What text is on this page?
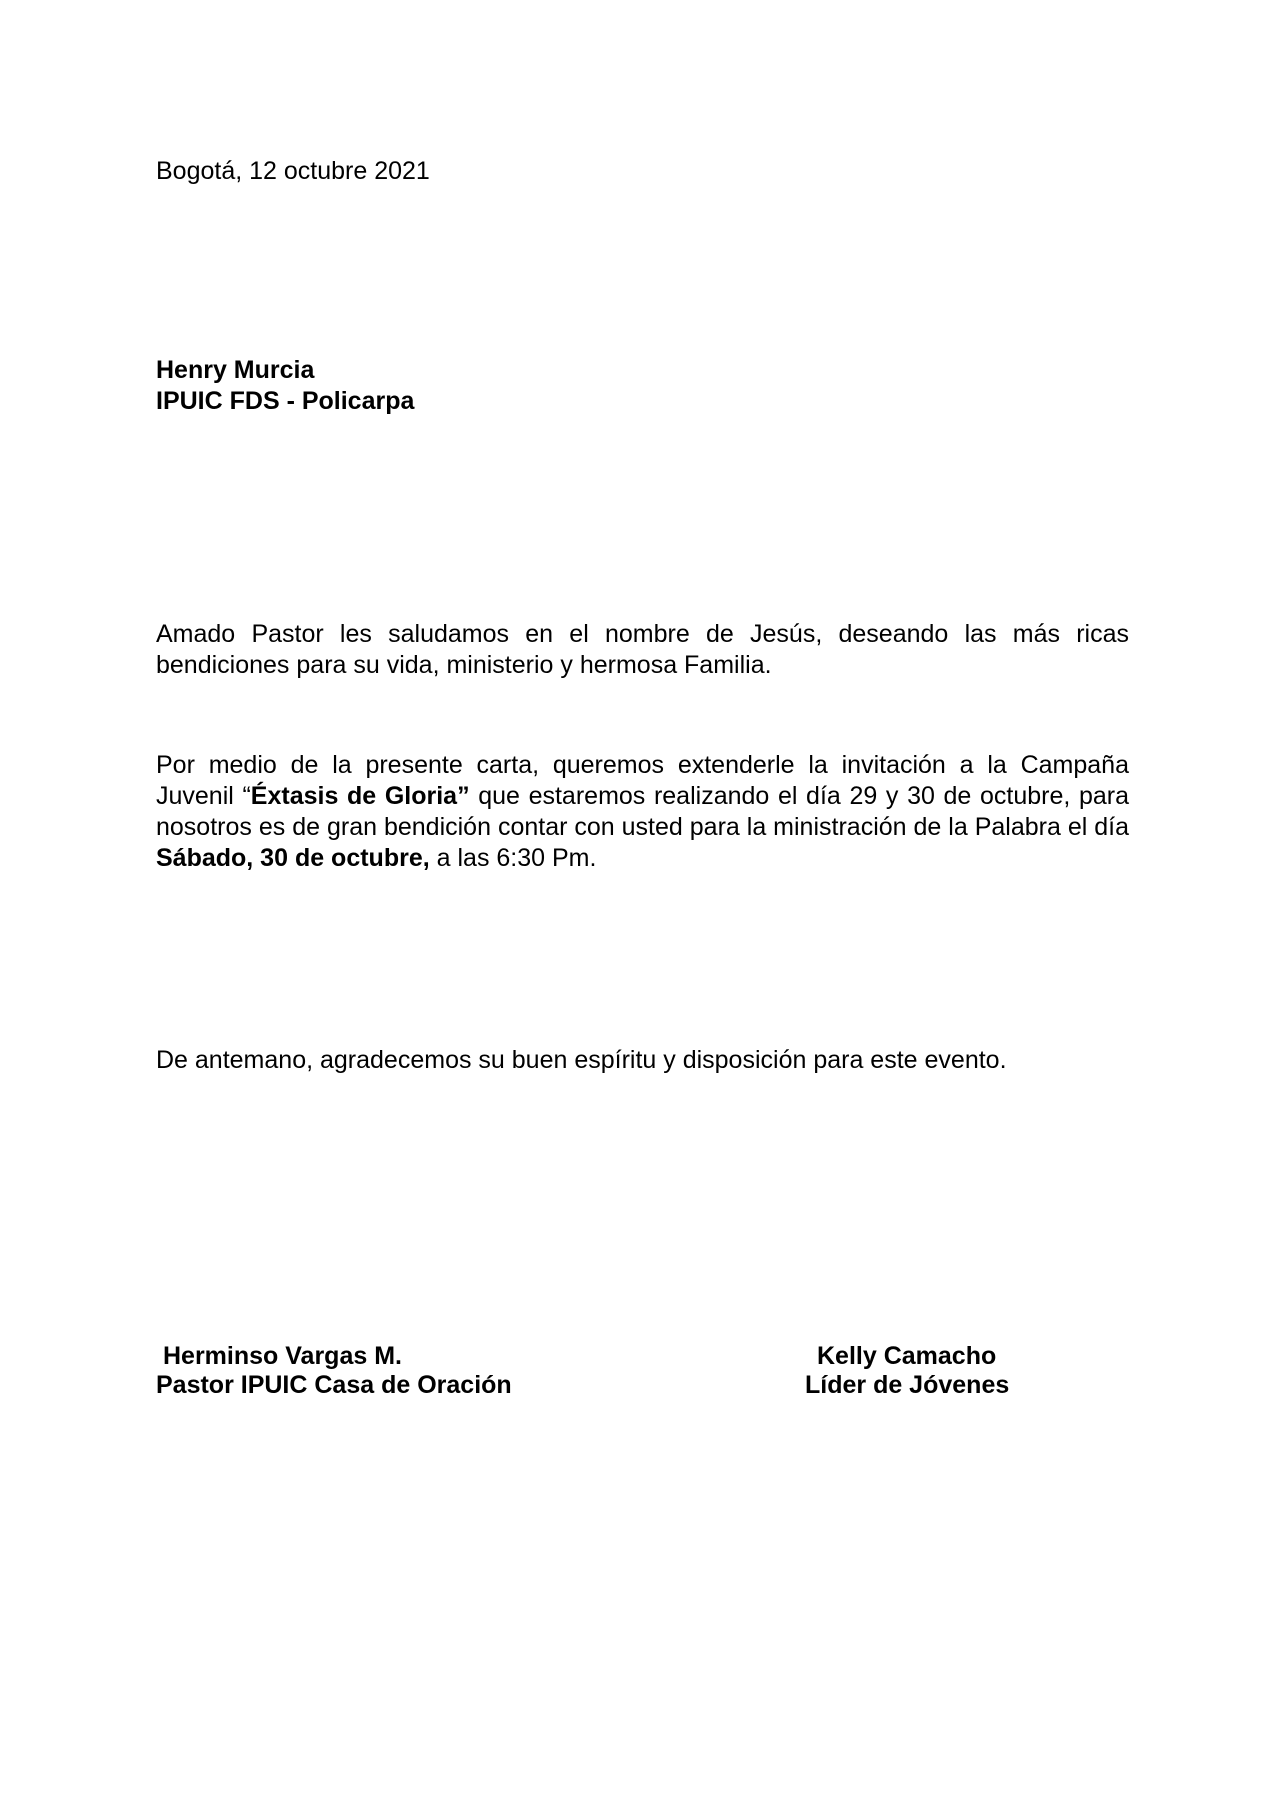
Bogotá, 12 octubre 2021
Henry Murcia
IPUIC FDS - Policarpa
Amado Pastor les saludamos en el nombre de Jesús, deseando las más ricas bendiciones para su vida, ministerio y hermosa Familia.
Por medio de la presente carta, queremos extenderle la invitación a la Campaña Juvenil “Éxtasis de Gloria” que estaremos realizando el día 29 y 30 de octubre, para nosotros es de gran bendición contar con usted para la ministración de la Palabra el día Sábado, 30 de octubre, a las 6:30 Pm.
De antemano, agradecemos su buen espíritu y disposición para este evento.
Herminso Vargas M.
Pastor IPUIC Casa de Oración
Kelly Camacho
Líder de Jóvenes
